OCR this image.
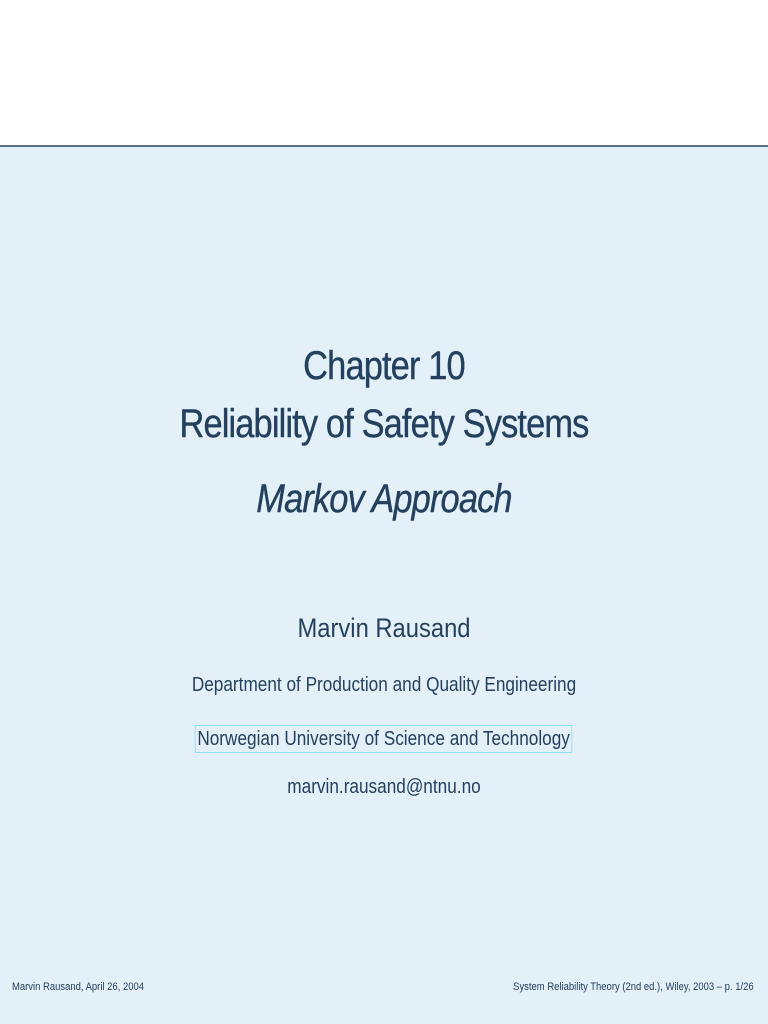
Chapter 10
Reliability of Safety Systems
Markov Approach
Marvin Rausand
Department of Production and Quality Engineering
Norwegian University of Science and Technology
marvin.rausand@ntnu.no
Marvin Rausand, April 26, 2004	System Reliability Theory (2nd ed.), Wiley, 2003 – p. 1/26
